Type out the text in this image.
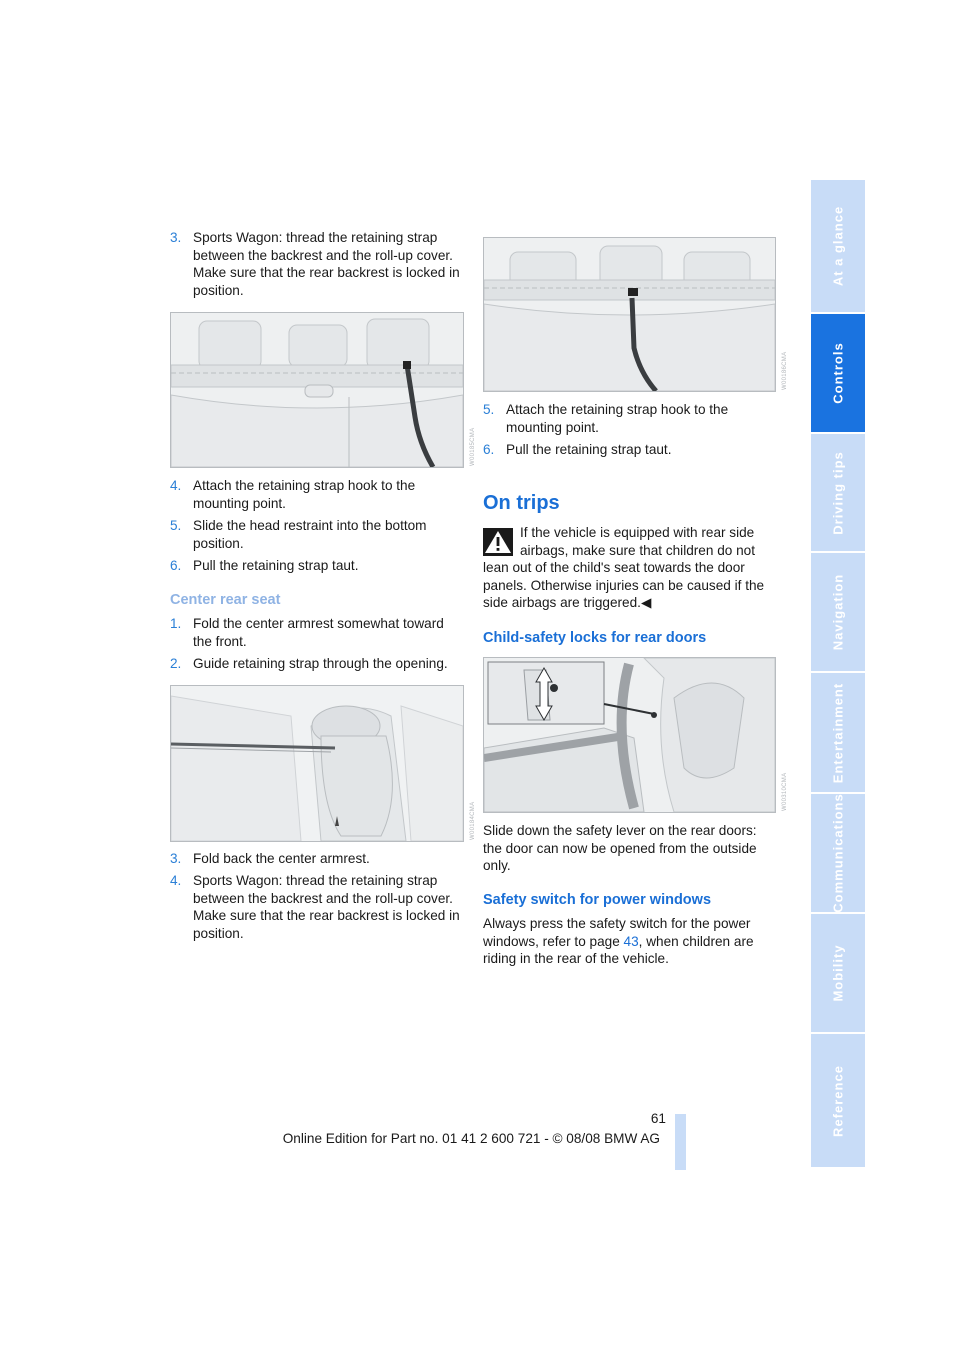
3. Sports Wagon: thread the retaining strap between the backrest and the roll-up cover. Make sure that the rear backrest is locked in position.
W00185CMA
4. Attach the retaining strap hook to the mounting point.
5. Slide the head restraint into the bottom position.
6. Pull the retaining strap taut.
Center rear seat
1. Fold the center armrest somewhat toward the front.
2. Guide retaining strap through the opening.
W00184CMA
3. Fold back the center armrest.
4. Sports Wagon: thread the retaining strap between the backrest and the roll-up cover. Make sure that the rear backrest is locked in position.
W00186CMA
5. Attach the retaining strap hook to the mounting point.
6. Pull the retaining strap taut.
On trips
If the vehicle is equipped with rear side airbags, make sure that children do not
lean out of the child's seat towards the door panels. Otherwise injuries can be caused if the side airbags are triggered.◀
Child-safety locks for rear doors
W00310CMA
Slide down the safety lever on the rear doors: the door can now be opened from the outside only.
Safety switch for power windows
Always press the safety switch for the power windows, refer to page 43, when children are riding in the rear of the vehicle.
61
Online Edition for Part no. 01 41 2 600 721 - © 08/08 BMW AG
At a glance
Controls
Driving tips
Navigation
Entertainment
Communications
Mobility
Reference
